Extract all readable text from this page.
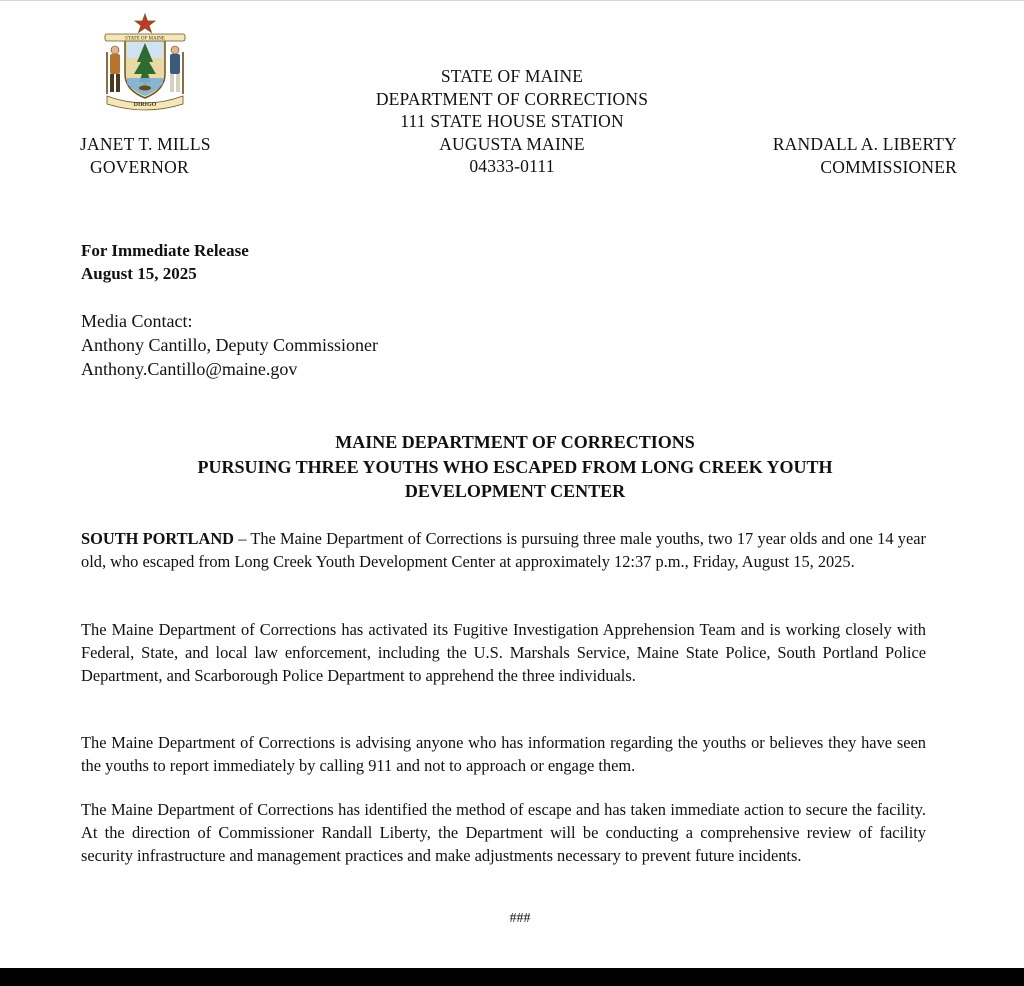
STATE OF MAINE
DIRIGO
STATE OF MAINE
DEPARTMENT OF CORRECTIONS
111 STATE HOUSE STATION
AUGUSTA MAINE
04333-0111
JANET T. MILLS
GOVERNOR
RANDALL A. LIBERTY
COMMISSIONER
For Immediate Release
August 15, 2025
Media Contact:
Anthony Cantillo, Deputy Commissioner
Anthony.Cantillo@maine.gov
MAINE DEPARTMENT OF CORRECTIONS
PURSUING THREE YOUTHS WHO ESCAPED FROM LONG CREEK YOUTH
DEVELOPMENT CENTER

SOUTH PORTLAND – The Maine Department of Corrections is pursuing three male youths, two 17 year olds and one 14 year old, who escaped from Long Creek Youth Development Center at approximately 12:37 p.m., Friday, August 15, 2025.

The Maine Department of Corrections has activated its Fugitive Investigation Apprehension Team and is working closely with Federal, State, and local law enforcement, including the U.S. Marshals Service, Maine State Police, South Portland Police Department, and Scarborough Police Department to apprehend the three individuals.

The Maine Department of Corrections is advising anyone who has information regarding the youths or believes they have seen the youths to report immediately by calling 911 and not to approach or engage them.

The Maine Department of Corrections has identified the method of escape and has taken immediate action to secure the facility. At the direction of Commissioner Randall Liberty, the Department will be conducting a comprehensive review of facility security infrastructure and management practices and make adjustments necessary to prevent future incidents.

###
